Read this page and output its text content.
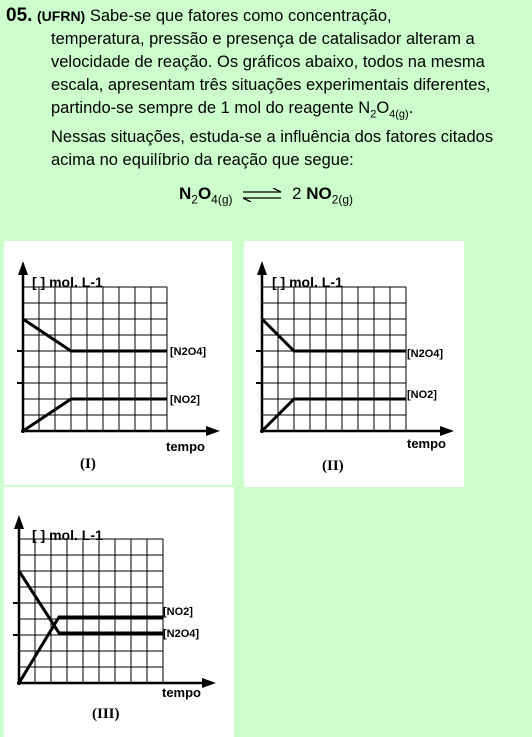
05. (UFRN) Sabe-se que fatores como concentração,
temperatura, pressão e presença de catalisador alteram a
velocidade de reação. Os gráficos abaixo, todos na mesma
escala, apresentam três situações experimentais diferentes,
partindo-se sempre de 1 mol do reagente $N_2O_{4(g)}$.
Nessas situações, estuda-se a influência dos fatores citados
acima no equilíbrio da reação que segue:
$N_2O_{4(g)}$ ⇌ 2 $NO_{2(g)}$
[ ] mol. L-1
[N2O4]
[NO2]
tempo
(I)
[ ] mol. L-1
[N2O4]
[NO2]
tempo
(II)
[ ] mol. L-1
[NO2]
[N2O4]
tempo
(III)
